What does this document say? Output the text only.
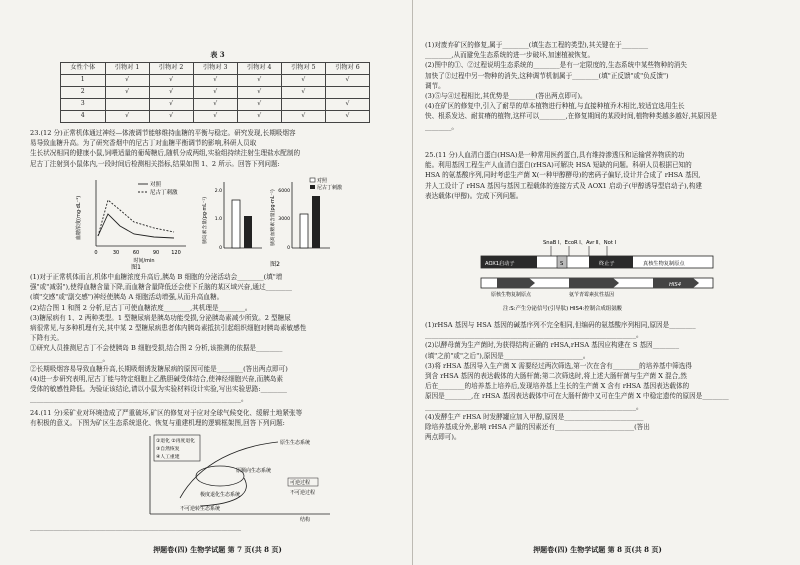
表 3
女性个体	引物对 1	引物对 2	引物对 3	引物对 4	引物对 5	引物对 6
1	√	√	√	√	√	√
2	√	√	√	√	√	
3		√	√	√		√
4	√	√	√	√	√	√
23.(12 分)正常机体通过神经—体液调节能够维持血糖的平衡与稳定。研究发现,长期吸烟容
易导致血糖升高。为了研究香烟中的尼古丁对血糖平衡调节的影响,科研人员取
生长状况相同的健康小鼠,饲喂适量的葡萄糖后,随机分成两组,实验组持续注射生理盐水配制的
尼古丁注射到小鼠体内,一段时间后检测相关指标,结果如图 1、2 所示。回答下列问题:
血糖浓度(mg·dL⁻¹)
对照
尼古丁刺激
0	30	60	90 120
时间/min
图1
胰岛素含量(pg·mL⁻¹)
2.0
1.0
0
胰高血糖素含量(pg·mL⁻¹) 6000
3000
0
对照
尼古丁刺激
图2
(1)对于正常机体而言,机体中血糖浓度升高后,胰岛 B 细胞的分泌活动会________(填"增
强"或"减弱"),使得血糖含量下降,而血糖含量降低还会使下丘脑的某区域兴奋,通过________
(填"交感"或"副交感")神经使胰岛 A 细胞活动增强,从而升高血糖。
(2)结合图 1 和图 2 分析,尼古丁可使血糖浓度________,其机理是________。
(3)糖尿病有 1、2 两种类型。1 型糖尿病是胰岛功能受损,分泌胰岛素减少所致。2 型糖尿
病很常见,与多种机理有关,其中某 2 型糖尿病患者体内胰岛素抵抗引起组织细胞对胰岛素敏感性
下降有关。
①研究人员推测尼古丁不会使胰岛 B 细胞受损,结合图 2 分析,该推测的依据是________
______________________。
②长期吸烟容易导致血糖升高,长期吸烟诱发糖尿病的原因可能是________(答出两点即可)
(4)进一步研究表明,尼古丁能与特定细胞上乙酰胆碱受体结合,使神经细胞兴奋,而胰岛素
受体的敏感性降低。为验证该结论,请以小鼠为实验材料设计实验,写出实验思路:________
________________________________________________________________。
24.(11 分)采矿业对环境造成了严重破坏,矿区的修复对于应对全球气候变化、缓解土地紧张等
有积极的意义。下图为矿区生态系统退化、恢复与重建机理的逻辑框架图,回答下列问题:
①退化 ②再度退化
③自然恢复
④人工重建
原生生态系统
原顺向生态系统
极度退化生态系统
不可逆转生态系统
可逆过程
不可逆过程
结构
________________________________________________________________
押题卷(四) 生物学试题 第 7 页(共 8 页)
(1)对废弃矿区的修复,属于________(填生态工程的类型),其关键在于________
________,从而避免生态系统的进一步破坏,加速植被恢复。
(2)图中的①、②过程说明生态系统的________是有一定限度的,生态系统中某些物种的消失
加快了②过程中另一物种的消失,这种调节机制属于________(填"正反馈"或"负反馈")
调节。
(3)⑤与④过程相比,其优势是________(答出两点即可)。
(4)在矿区的修复中,引入了耐旱的草本植物进行种植,与直接种植乔木相比,较适宜选用生长
快、根系发达、耐贫瘠的植物,这样可以________,在修复期间的某段时间,植物种类越多越好,其原因是
________。
25.(11 分)人血清白蛋白(HSA)是一种常用医药蛋白,具有维持渗透压和运输营养物质的功
能。利用基因工程生产人血清白蛋白(rHSA)可解决 HSA 短缺的问题。科研人员根据已知的
HSA 的氨基酸序列,同时考虑生产菌 X(一种甲醇酵母)的密码子偏好,设计并合成了 rHSA 基因,
并人工设计了 rHSA 基因与基因工程载体的连接方式及 AOX1 启动子(甲醇诱导型启动子),构建
表达载体(甲醇)。完成下列问题。
SnaB Ⅰ、EcoR Ⅰ、Avr Ⅱ、Not Ⅰ
AOX1启动子	S	终止子	真核生物复制原点
HIS4
原核生物复制原点	氨苄青霉素抗性基因
注:S:产生分泌信号(引导肽) HIS4:控制合成组氨酸
(1)rHSA 基因与 HSA 基因的碱基序列不完全相同,但编码的氨基酸序列相同,原因是________
________________________________________________________________。
(2)以酵母菌为生产菌时,为获得结构正确的 rHSA,rHSA 基因应构建在 S 基因________
(填"之前"或"之后"),原因是________________________。
(3)将 rHSA 基因导入生产菌 X 需要经过两次筛选,第一次在含有________的培养基中筛选得
到含 rHSA 基因的表达载体的大肠杆菌;第二次筛选时,将上述大肠杆菌与生产菌 X 混合,然
后在________的培养基上培养后,发现培养基上生长的生产菌 X 含有 rHSA 基因表达载体的
原因是________,在 rHSA 基因表达载体中可在大肠杆菌中又可在生产菌 X 中稳定遗传的原因是________
________________________________________________________________。
(4)发酵生产 rHSA 时发酵罐应加入甲醇,原因是________________________
除培养基成分外,影响 rHSA 产量的因素还有________________________(答出
两点即可)。
押题卷(四) 生物学试题 第 8 页(共 8 页)
